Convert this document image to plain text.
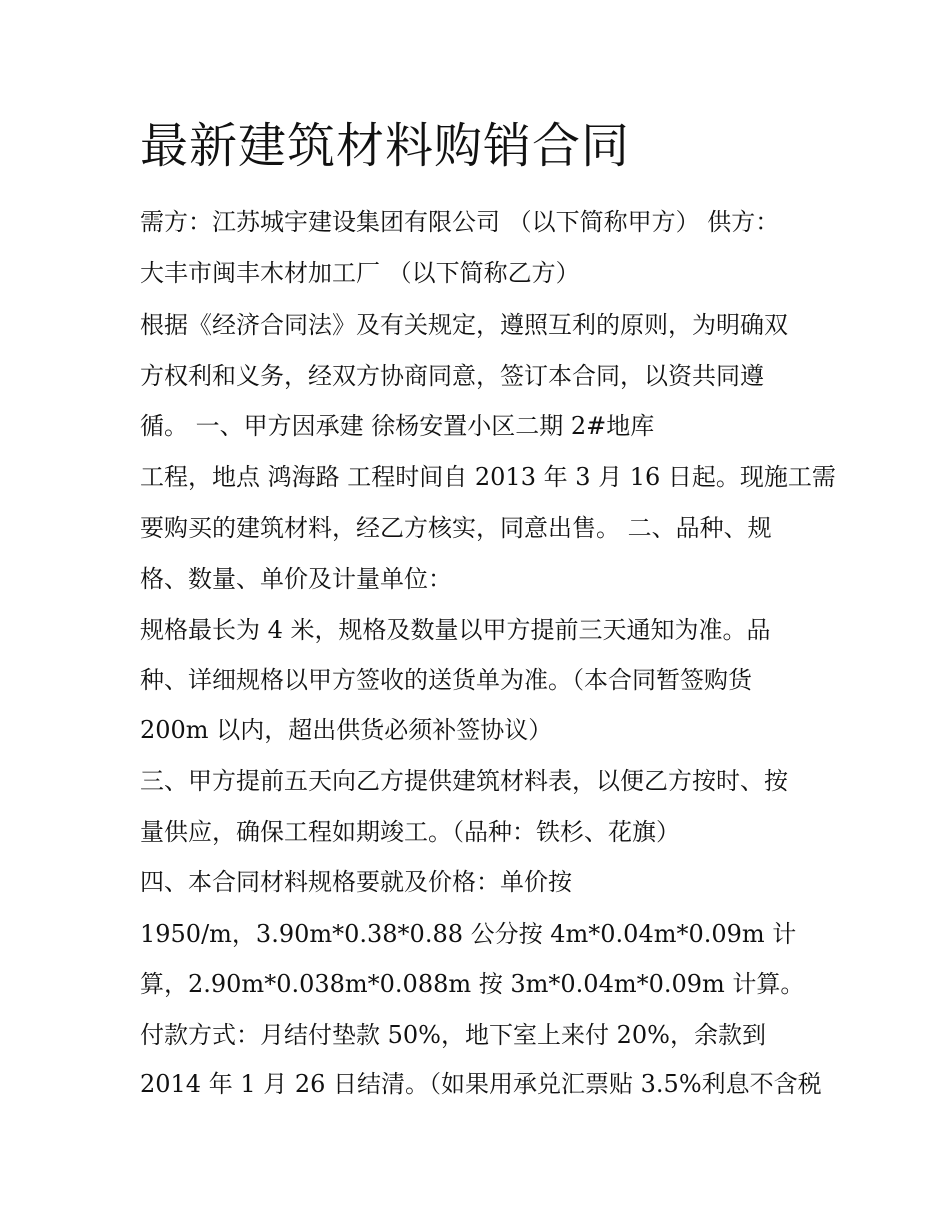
最新建筑材料购销合同
需方：江苏城宇建设集团有限公司 （以下简称甲方） 供方：
大丰市闽丰木材加工厂 （以下简称乙方）
根据《经济合同法》及有关规定，遵照互利的原则，为明确双
方权利和义务，经双方协商同意，签订本合同，以资共同遵
循。 一、甲方因承建 徐杨安置小区二期 2#地库
工程，地点 鸿海路 工程时间自 2013 年 3 月 16 日起。现施工需
要购买的建筑材料，经乙方核实，同意出售。 二、品种、规
格、数量、单价及计量单位：
规格最长为 4 米，规格及数量以甲方提前三天通知为准。品
种、详细规格以甲方签收的送货单为准。（本合同暂签购货
200m 以内，超出供货必须补签协议）
三、甲方提前五天向乙方提供建筑材料表，以便乙方按时、按
量供应，确保工程如期竣工。（品种：铁杉、花旗）
四、本合同材料规格要就及价格：单价按
1950/m，3.90m*0.38*0.88 公分按 4m*0.04m*0.09m 计
算，2.90m*0.038m*0.088m 按 3m*0.04m*0.09m 计算。
付款方式：月结付垫款 50%，地下室上来付 20%，余款到
2014 年 1 月 26 日结清。（如果用承兑汇票贴 3.5%利息不含税
